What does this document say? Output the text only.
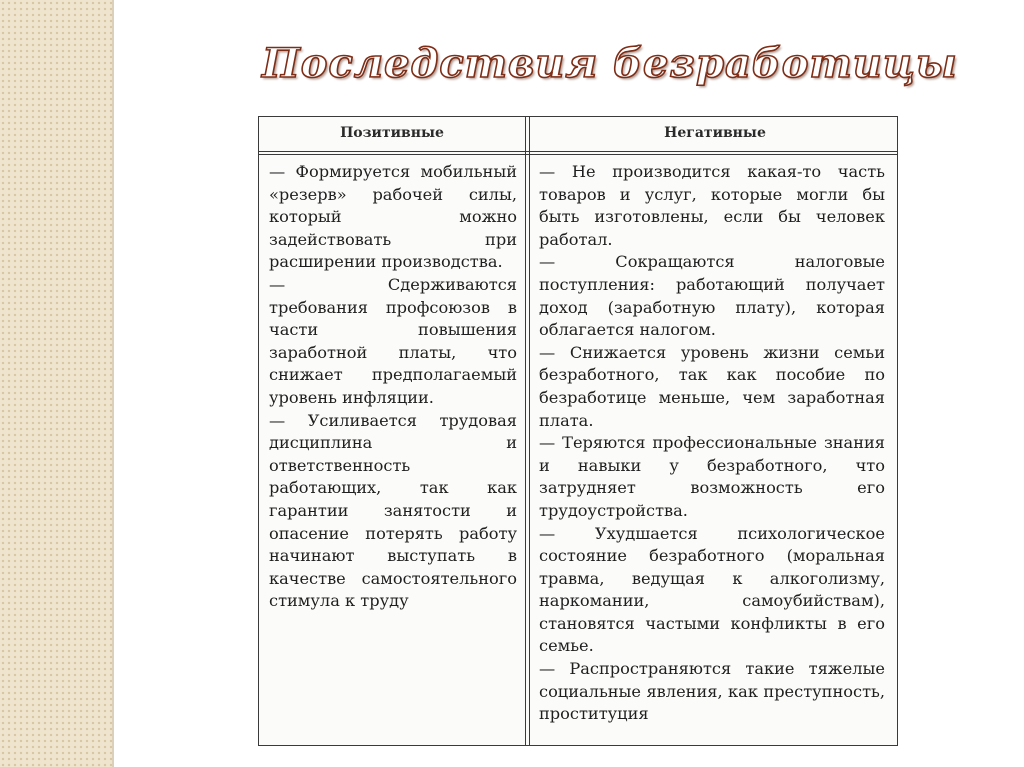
Последствия безработицы
Позитивные	Негативные

— Формируется мобильный «резерв» рабочей силы, который можно задействовать при расширении производства.

— Сдерживаются требования профсоюзов в части повышения заработной платы, что снижает предполагаемый уровень инфляции.

— Усиливается трудовая дисциплина и ответственность работающих, так как гарантии занятости и опасение потерять работу начинают выступать в качестве самостоятельного стимула к труду

— Не производится какая-то часть товаров и услуг, которые могли бы быть изготовлены, если бы человек работал.

— Сокращаются налоговые поступления: работающий получает доход (заработную плату), которая облагается налогом.

— Снижается уровень жизни семьи безработного, так как пособие по безработице меньше, чем заработная плата.

— Теряются профессиональные знания и навыки у безработного, что затрудняет возможность его трудоустройства.

— Ухудшается психологическое состояние безработного (моральная травма, ведущая к алкоголизму, наркомании, самоубийствам), становятся частыми конфликты в его семье.

— Распространяются такие тяжелые социальные явления, как преступность, проституция
